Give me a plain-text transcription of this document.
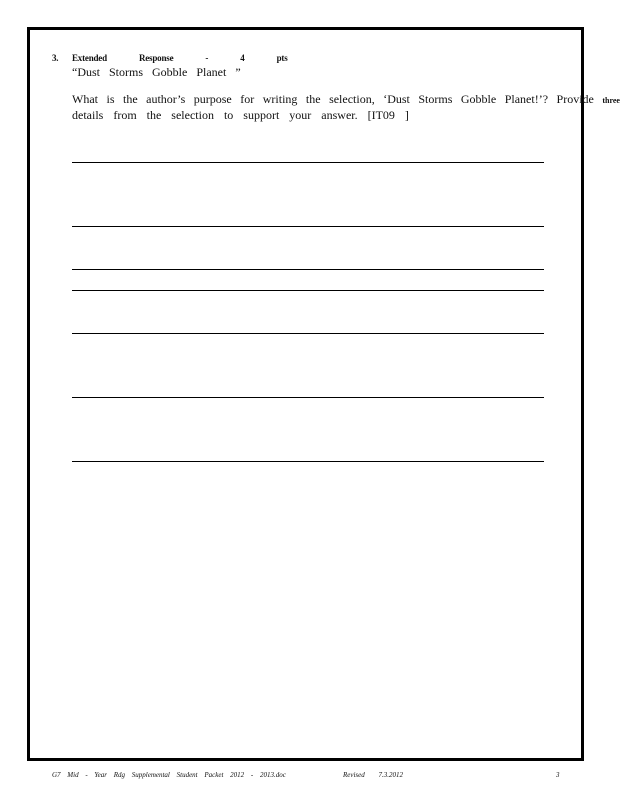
3. Extended Response - 4 pts
“Dust Storms Gobble Planet ”
What is the author’s purpose for writing the selection, ‘Dust Storms Gobble Planet!’? Provide three
details from the selection to support your answer. [IT09 ]
G7 Mid - Year Rdg Supplemental Student Packet 2012 - 2013.doc	Revised 7.3.2012	3
